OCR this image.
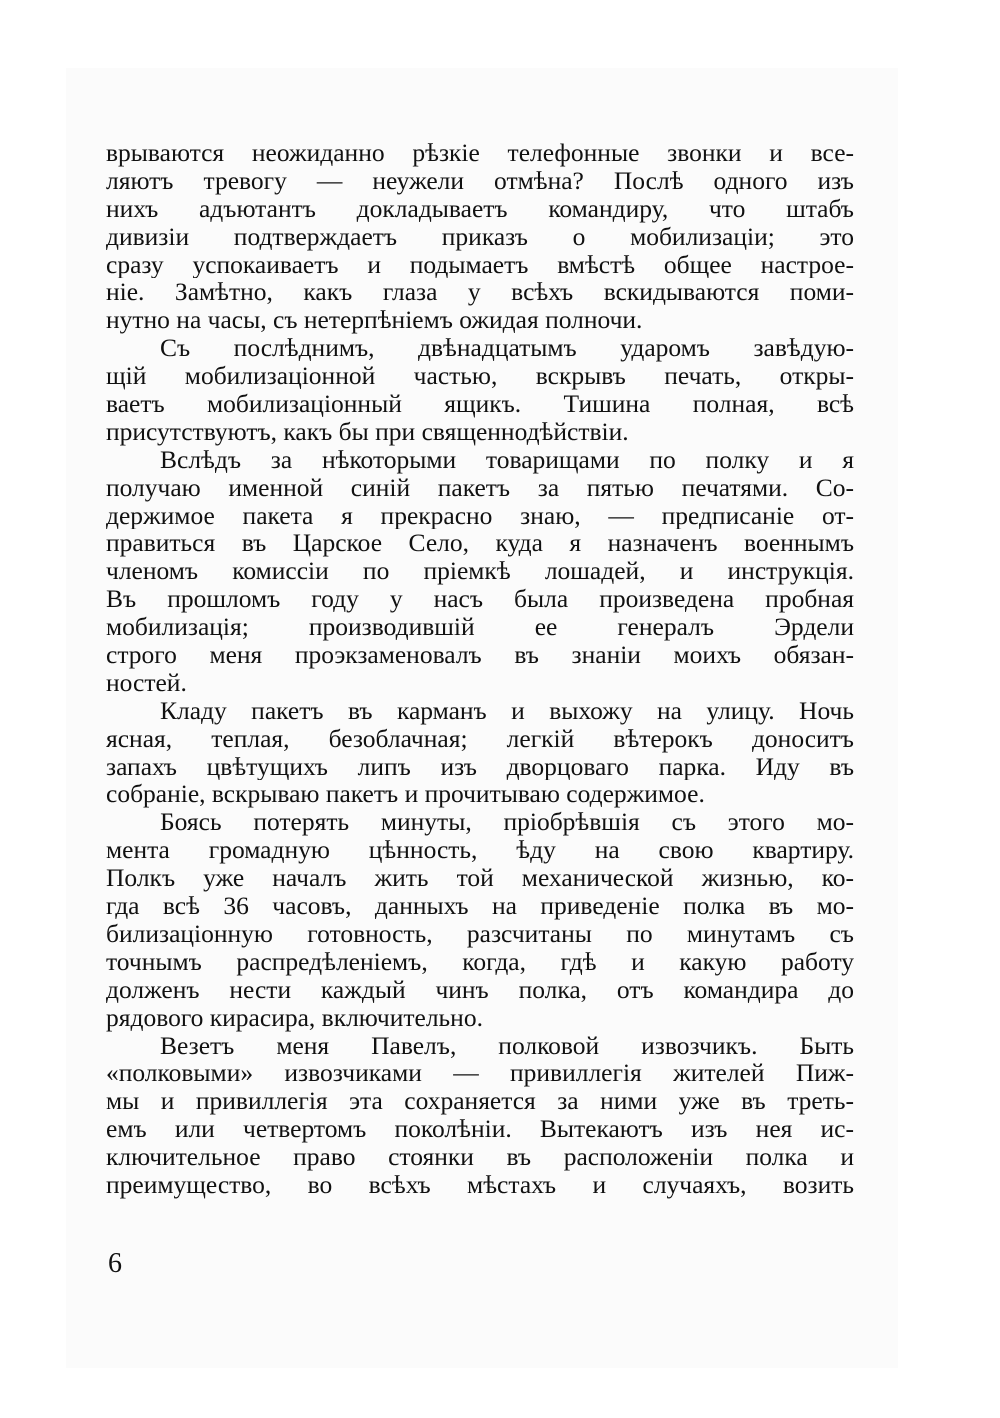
врываются неожиданно рѣзкіе телефонные звонки и все-
ляютъ тревогу — неужели отмѣна? Послѣ одного изъ
нихъ адъютантъ докладываетъ командиру, что штабъ
дивизіи подтверждаетъ приказъ о мобилизаціи; это
сразу успокаиваетъ и подымаетъ вмѣстѣ общее настрое-
ніе. Замѣтно, какъ глаза у всѣхъ вскидываются поми-
нутно на часы, съ нетерпѣніемъ ожидая полночи.
Съ послѣднимъ, двѣнадцатымъ ударомъ завѣдую-
щій мобилизаціонной частью, вскрывъ печать, откры-
ваетъ мобилизаціонный ящикъ. Тишина полная, всѣ
присутствуютъ, какъ бы при священнодѣйствіи.
Вслѣдъ за нѣкоторыми товарищами по полку и я
получаю именной синій пакетъ за пятью печатями. Со-
держимое пакета я прекрасно знаю, — предписаніе от-
правиться въ Царское Село, куда я назначенъ военнымъ
членомъ комиссіи по пріемкѣ лошадей, и инструкція.
Въ прошломъ году у насъ была произведена пробная
мобилизація; производившій ее генералъ Эрдели
строго меня проэкзаменовалъ въ знаніи моихъ обязан-
ностей.
Кладу пакетъ въ карманъ и выхожу на улицу. Ночь
ясная, теплая, безоблачная; легкій вѣтерокъ доноситъ
запахъ цвѣтущихъ липъ изъ дворцоваго парка. Иду въ
собраніе, вскрываю пакетъ и прочитываю содержимое.
Боясь потерять минуты, пріобрѣвшія съ этого мо-
мента громадную цѣнность, ѣду на свою квартиру.
Полкъ уже началъ жить той механической жизнью, ко-
гда всѣ 36 часовъ, данныхъ на приведеніе полка въ мо-
билизаціонную готовность, разсчитаны по минутамъ съ
точнымъ распредѣленіемъ, когда, гдѣ и какую работу
долженъ нести каждый чинъ полка, отъ командира до
рядового кирасира, включительно.
Везетъ меня Павелъ, полковой извозчикъ. Быть
«полковыми» извозчиками — привиллегія жителей Пиж-
мы и привиллегія эта сохраняется за ними уже въ треть-
емъ или четвертомъ поколѣніи. Вытекаютъ изъ нея ис-
ключительное право стоянки въ расположеніи полка и
преимущество, во всѣхъ мѣстахъ и случаяхъ, возить
6
